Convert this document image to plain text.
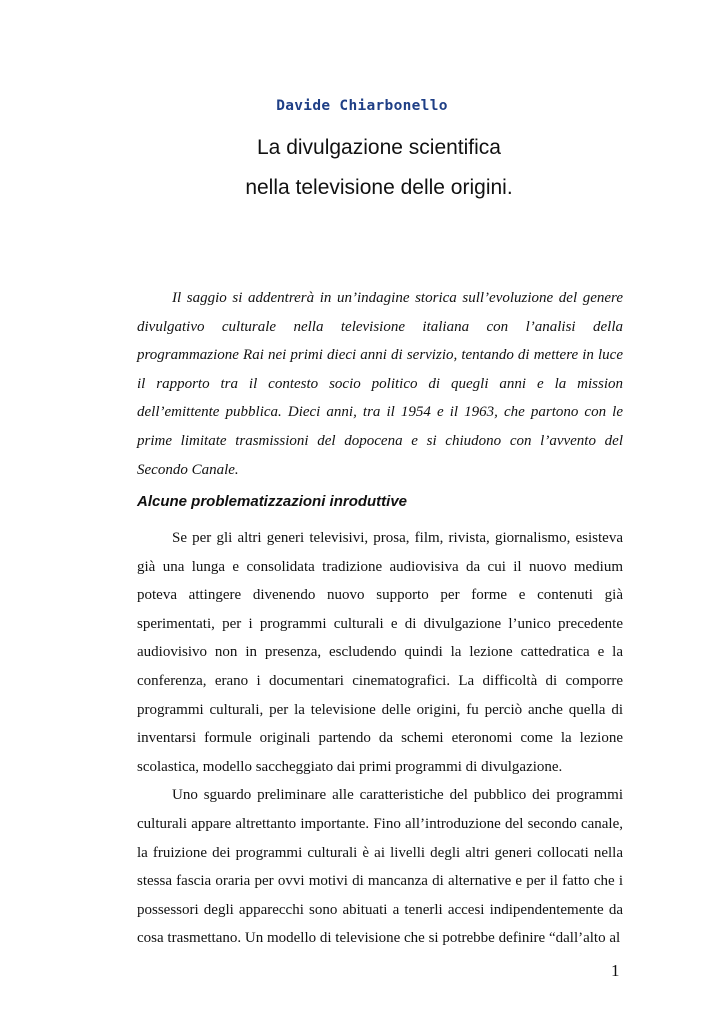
Davide Chiarbonello
La divulgazione scientifica
nella televisione delle origini.

Il saggio si addentrerà in un’indagine storica sull’evoluzione del genere divulgativo culturale nella televisione italiana con l’analisi della programmazione Rai nei primi dieci anni di servizio, tentando di mettere in luce il rapporto tra il contesto socio politico di quegli anni e la mission dell’emittente pubblica. Dieci anni, tra il 1954 e il 1963, che partono con le prime limitate trasmissioni del dopocena e si chiudono con l’avvento del Secondo Canale.

Alcune problematizzazioni inroduttive

Se per gli altri generi televisivi, prosa, film, rivista, giornalismo, esisteva già una lunga e consolidata tradizione audiovisiva da cui il nuovo medium poteva attingere divenendo nuovo supporto per forme e contenuti già sperimentati, per i programmi culturali e di divulgazione l’unico precedente audiovisivo non in presenza, escludendo quindi la lezione cattedratica e la conferenza, erano i documentari cinematografici. La difficoltà di comporre programmi culturali, per la televisione delle origini, fu perciò anche quella di inventarsi formule originali partendo da schemi eteronomi come la lezione scolastica, modello saccheggiato dai primi programmi di divulgazione.

Uno sguardo preliminare alle caratteristiche del pubblico dei programmi culturali appare altrettanto importante. Fino all’introduzione del secondo canale, la fruizione dei programmi culturali è ai livelli degli altri generi collocati nella stessa fascia oraria per ovvi motivi di mancanza di alternative e per il fatto che i possessori degli apparecchi sono abituati a tenerli accesi indipendentemente da cosa trasmettano. Un modello di televisione che si potrebbe definire “dall’alto al

1
